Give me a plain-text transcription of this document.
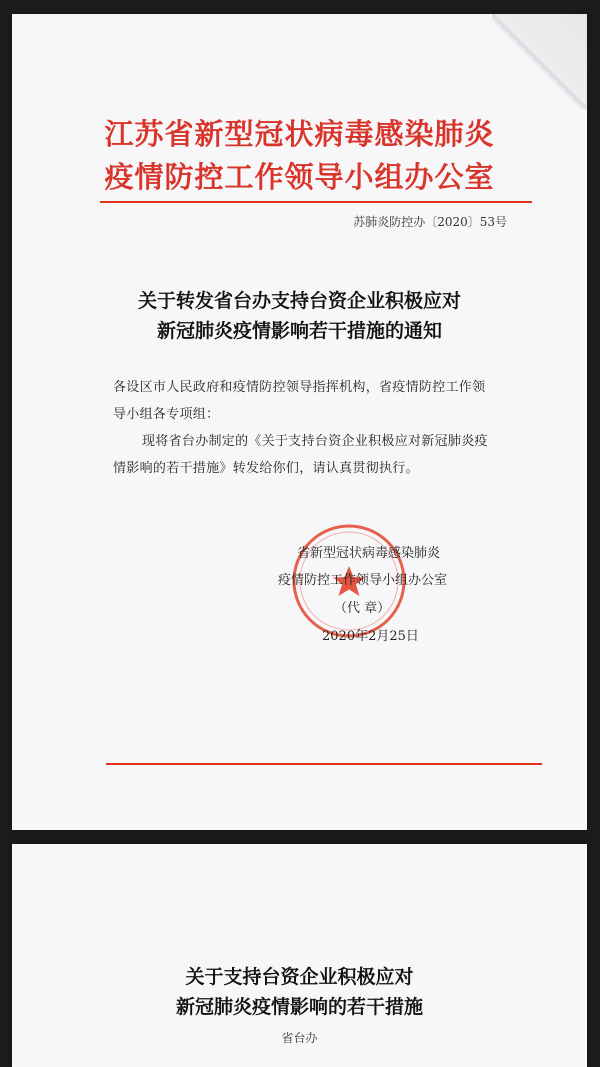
江苏省新型冠状病毒感染肺炎
疫情防控工作领导小组办公室
苏肺炎防控办〔2020〕53号
关于转发省台办支持台资企业积极应对
新冠肺炎疫情影响若干措施的通知
各设区市人民政府和疫情防控领导指挥机构，省疫情防控工作领
导小组各专项组：
现将省台办制定的《关于支持台资企业积极应对新冠肺炎疫
情影响的若干措施》转发给你们，请认真贯彻执行。
省新型冠状病毒感染肺炎
疫情防控工作领导小组办公室
（代 章）
2020年2月25日
关于支持台资企业积极应对
新冠肺炎疫情影响的若干措施
省台办
